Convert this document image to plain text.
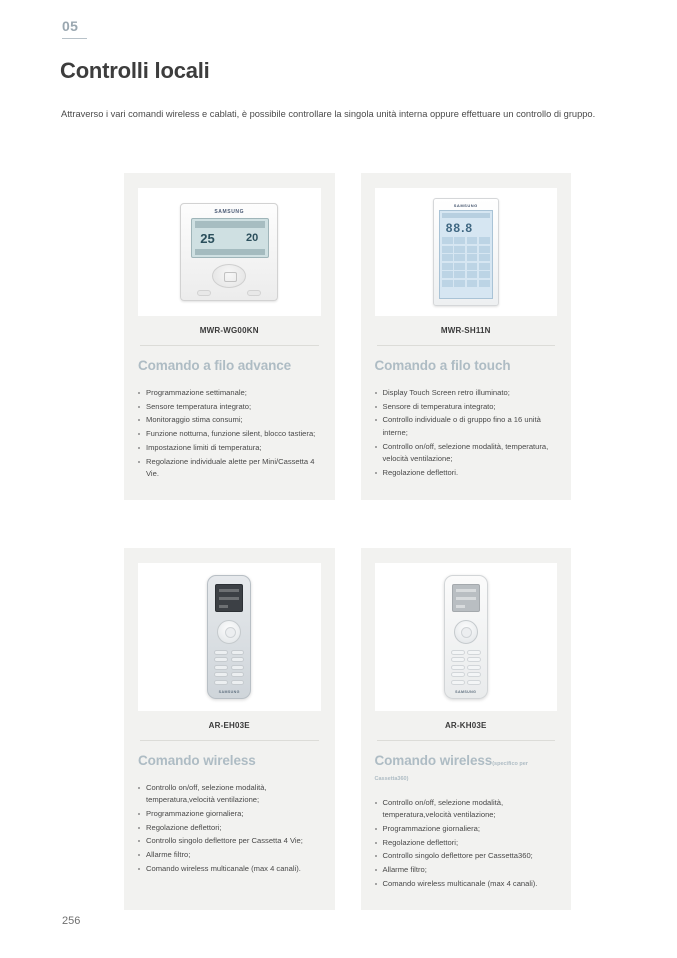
05
Controlli locali

Attraverso i vari comandi wireless e cablati, è possibile controllare la singola unità interna oppure effettuare un controllo di gruppo.

SAMSUNG
25	20
MWR-WG00KN
Comando a filo advance
Programmazione settimanale;
Sensore temperatura integrato;
Monitoraggio stima consumi;
Funzione notturna, funzione silent, blocco tastiera;
Impostazione limiti di temperatura;
Regolazione individuale alette per Mini/Cassetta 4 Vie.
SAMSUNG
88.8
MWR-SH11N
Comando a filo touch
Display Touch Screen retro illuminato;
Sensore di temperatura integrato;
Controllo individuale o di gruppo fino a 16 unità interne;
Controllo on/off, selezione modalità, temperatura, velocità ventilazione;
Regolazione deflettori.
SAMSUNG
AR-EH03E
Comando wireless
Controllo on/off, selezione modalità, temperatura,velocità ventilazione;
Programmazione giornaliera;
Regolazione deflettori;
Controllo singolo deflettore per Cassetta 4 Vie;
Allarme filtro;
Comando wireless multicanale (max 4 canali).
SAMSUNG
AR-KH03E
Comando wireless(specifico per Cassetta360)
Controllo on/off, selezione modalità, temperatura,velocità ventilazione;
Programmazione giornaliera;
Regolazione deflettori;
Controllo singolo deflettore per Cassetta360;
Allarme filtro;
Comando wireless multicanale (max 4 canali).
256
